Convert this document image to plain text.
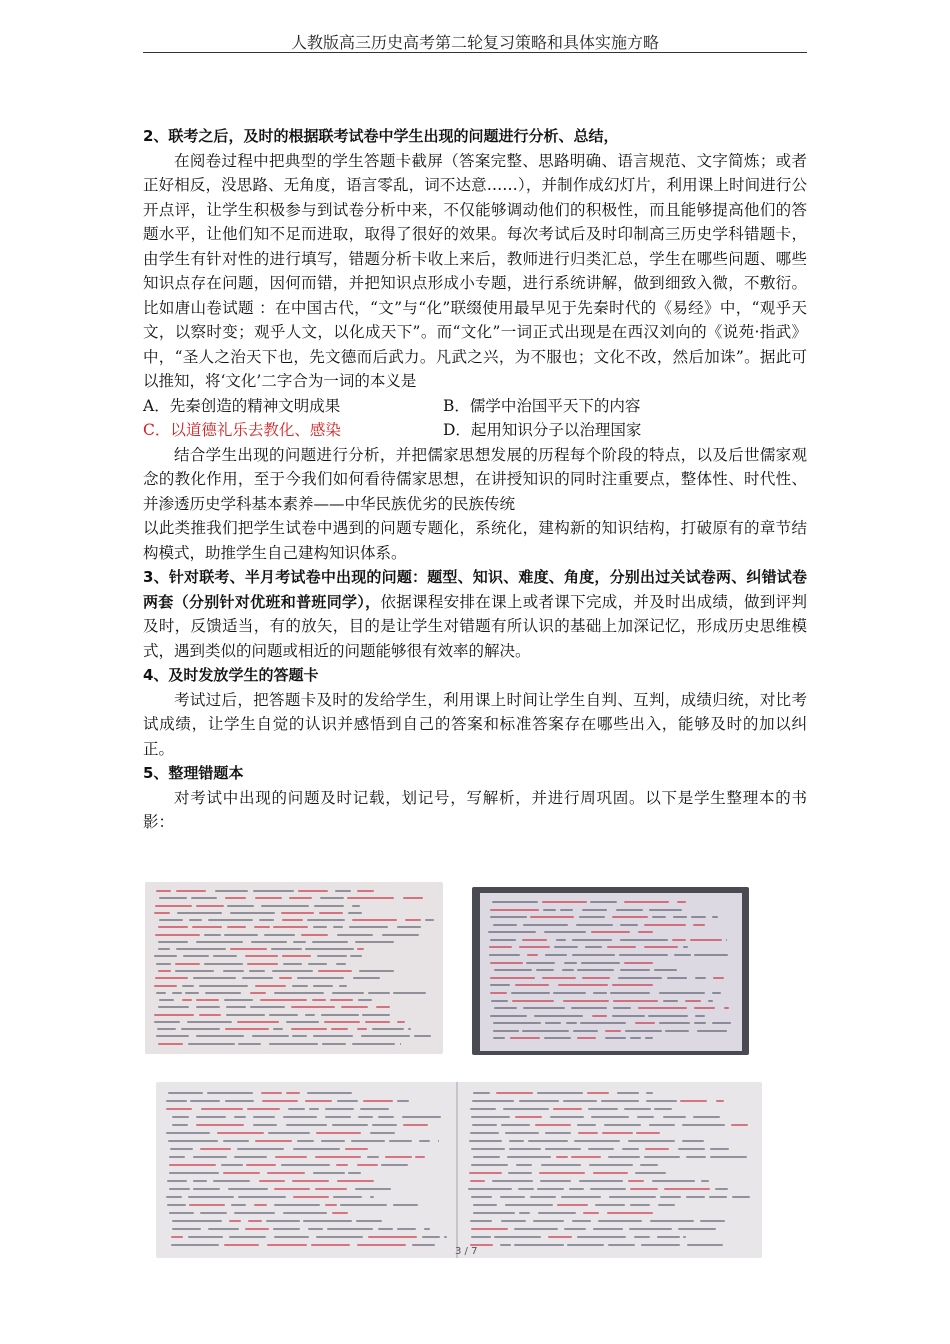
人教版高三历史高考第二轮复习策略和具体实施方略

2、联考之后，及时的根据联考试卷中学生出现的问题进行分析、总结，

在阅卷过程中把典型的学生答题卡截屏（答案完整、思路明确、语言规范、文字简炼；或者正好相反，没思路、无角度，语言零乱，词不达意……），并制作成幻灯片，利用课上时间进行公开点评，让学生积极参与到试卷分析中来，不仅能够调动他们的积极性，而且能够提高他们的答题水平，让他们知不足而进取，取得了很好的效果。每次考试后及时印制高三历史学科错题卡，由学生有针对性的进行填写，错题分析卡收上来后，教师进行归类汇总，学生在哪些问题、哪些知识点存在问题，因何而错，并把知识点形成小专题，进行系统讲解，做到细致入微，不敷衍。比如唐山卷试题 ：在中国古代，“文”与“化”联缀使用最早见于先秦时代的《易经》中，“观乎天文，以察时变；观乎人文，以化成天下”。而“文化”一词正式出现是在西汉刘向的《说苑·指武》中，“圣人之治天下也，先文德而后武力。凡武之兴，为不服也；文化不改，然后加诛”。据此可以推知，将‘文化’二字合为一词的本义是

A．先秦创造的精神文明成果	B．儒学中治国平天下的内容
C．以道德礼乐去教化、感染	D．起用知识分子以治理国家

结合学生出现的问题进行分析，并把儒家思想发展的历程每个阶段的特点，以及后世儒家观念的教化作用，至于今我们如何看待儒家思想，在讲授知识的同时注重要点，整体性、时代性、并渗透历史学科基本素养——中华民族优劣的民族传统

以此类推我们把学生试卷中遇到的问题专题化，系统化，建构新的知识结构，打破原有的章节结构模式，助推学生自己建构知识体系。

3、针对联考、半月考试卷中出现的问题：题型、知识、难度、角度，分别出过关试卷两、纠错试卷两套（分别针对优班和普班同学），依据课程安排在课上或者课下完成，并及时出成绩，做到评判及时，反馈适当，有的放矢，目的是让学生对错题有所认识的基础上加深记忆，形成历史思维模式，遇到类似的问题或相近的问题能够很有效率的解决。

4、及时发放学生的答题卡

考试过后，把答题卡及时的发给学生，利用课上时间让学生自判、互判，成绩归统，对比考试成绩，让学生自觉的认识并感悟到自己的答案和标准答案存在哪些出入，能够及时的加以纠正。

5、整理错题本

对考试中出现的问题及时记载，划记号，写解析，并进行周巩固。以下是学生整理本的书影：

3 / 7
